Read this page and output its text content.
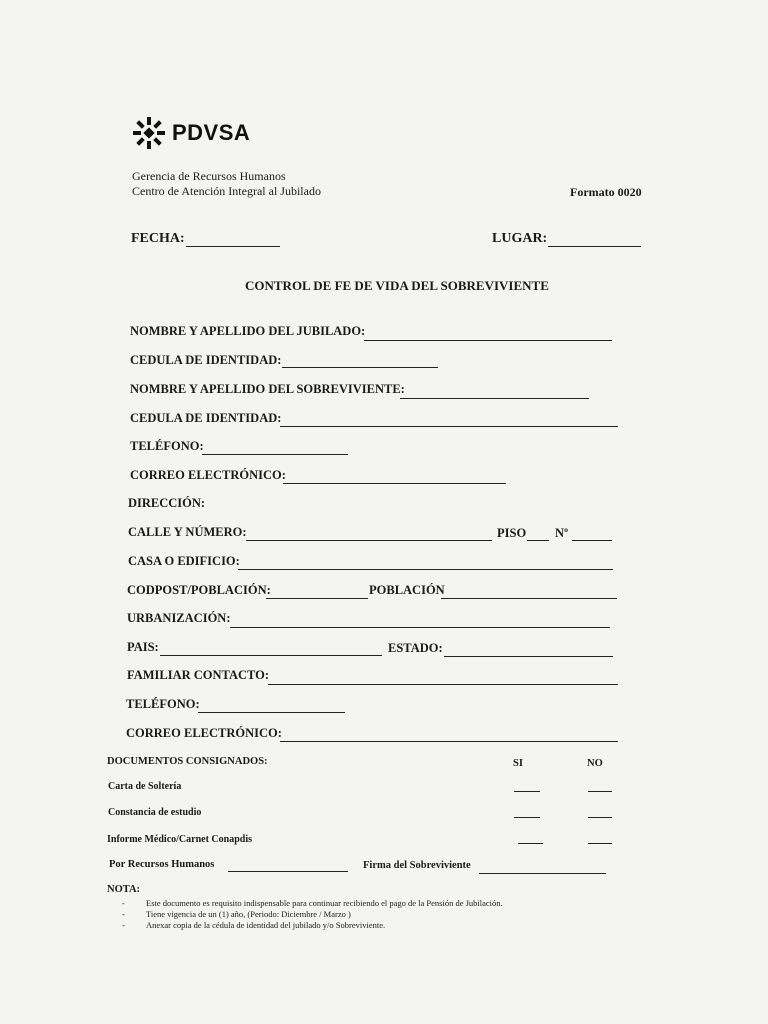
PDVSA
Gerencia de Recursos Humanos
Centro de Atención Integral al Jubilado	Formato 0020
FECHA:	LUGAR:
CONTROL DE FE DE VIDA DEL SOBREVIVIENTE
NOMBRE Y APELLIDO DEL JUBILADO:
CEDULA DE IDENTIDAD:
NOMBRE Y APELLIDO DEL SOBREVIVIENTE:
CEDULA DE IDENTIDAD:
TELÉFONO:
CORREO ELECTRÓNICO:
DIRECCIÓN:
CALLE Y NÚMERO:	PISO Nº
CASA O EDIFICIO:
CODPOST/POBLACIÓN:	POBLACIÓN
URBANIZACIÓN:
PAIS:	ESTADO:
FAMILIAR CONTACTO:
TELÉFONO:
CORREO ELECTRÓNICO:
DOCUMENTOS CONSIGNADOS:	SI	NO
Carta de Soltería
Constancia de estudio
Informe Médico/Carnet Conapdis
Por Recursos Humanos	Firma del Sobreviviente
NOTA:
- Este documento es requisito indispensable para continuar recibiendo el pago de la Pensión de Jubilación.
- Tiene vigencia de un (1) año, (Periodo: Diciembre / Marzo )
- Anexar copia de la cédula de identidad del jubilado y/o Sobreviviente.
